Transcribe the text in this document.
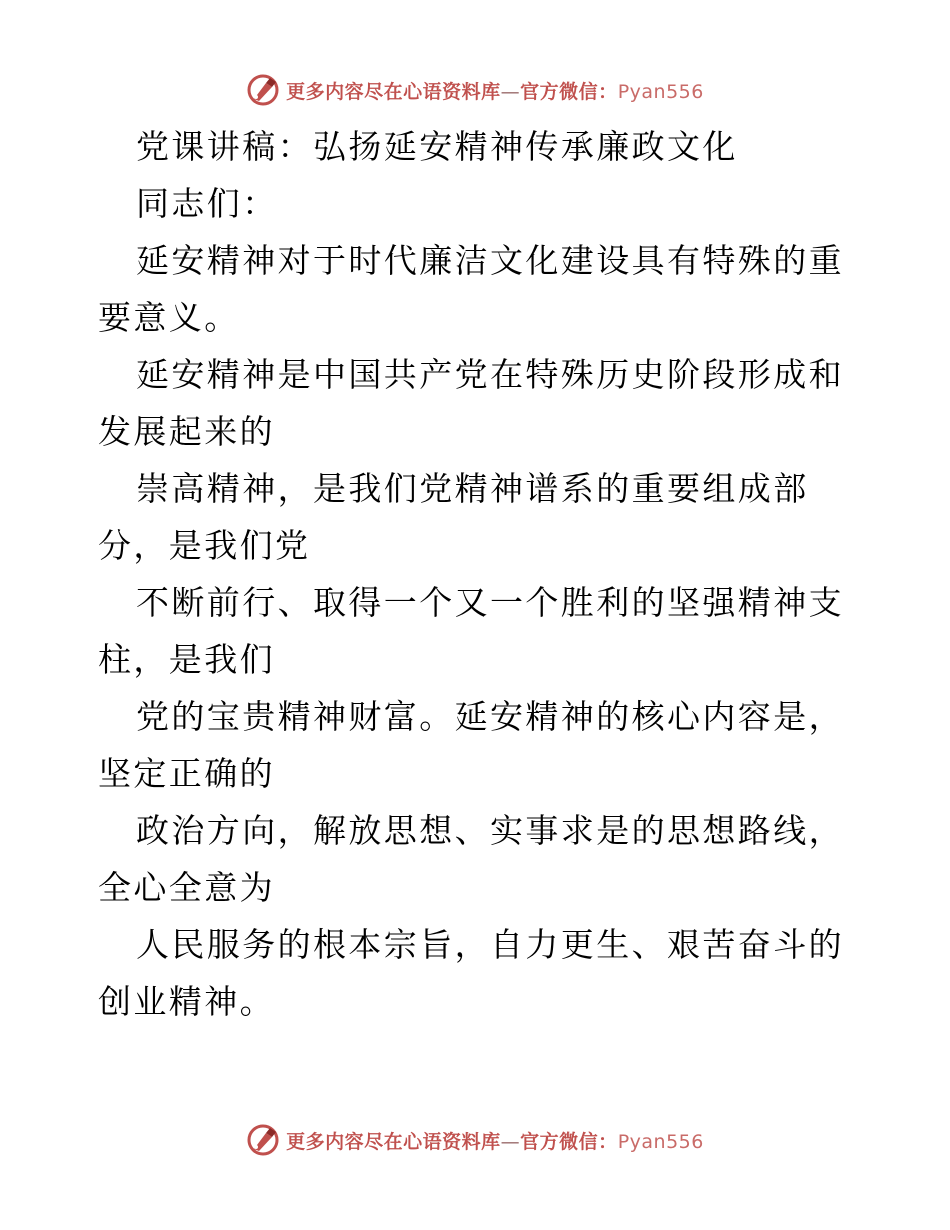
更多内容尽在心语资料库—官方微信：Pyan556

党课讲稿：弘扬延安精神传承廉政文化

同志们：

延安精神对于时代廉洁文化建设具有特殊的重要意义。

延安精神是中国共产党在特殊历史阶段形成和发展起来的

崇高精神，是我们党精神谱系的重要组成部分，是我们党

不断前行、取得一个又一个胜利的坚强精神支柱，是我们

党的宝贵精神财富。延安精神的核心内容是，坚定正确的

政治方向，解放思想、实事求是的思想路线，全心全意为

人民服务的根本宗旨，自力更生、艰苦奋斗的创业精神。

更多内容尽在心语资料库—官方微信：Pyan556
